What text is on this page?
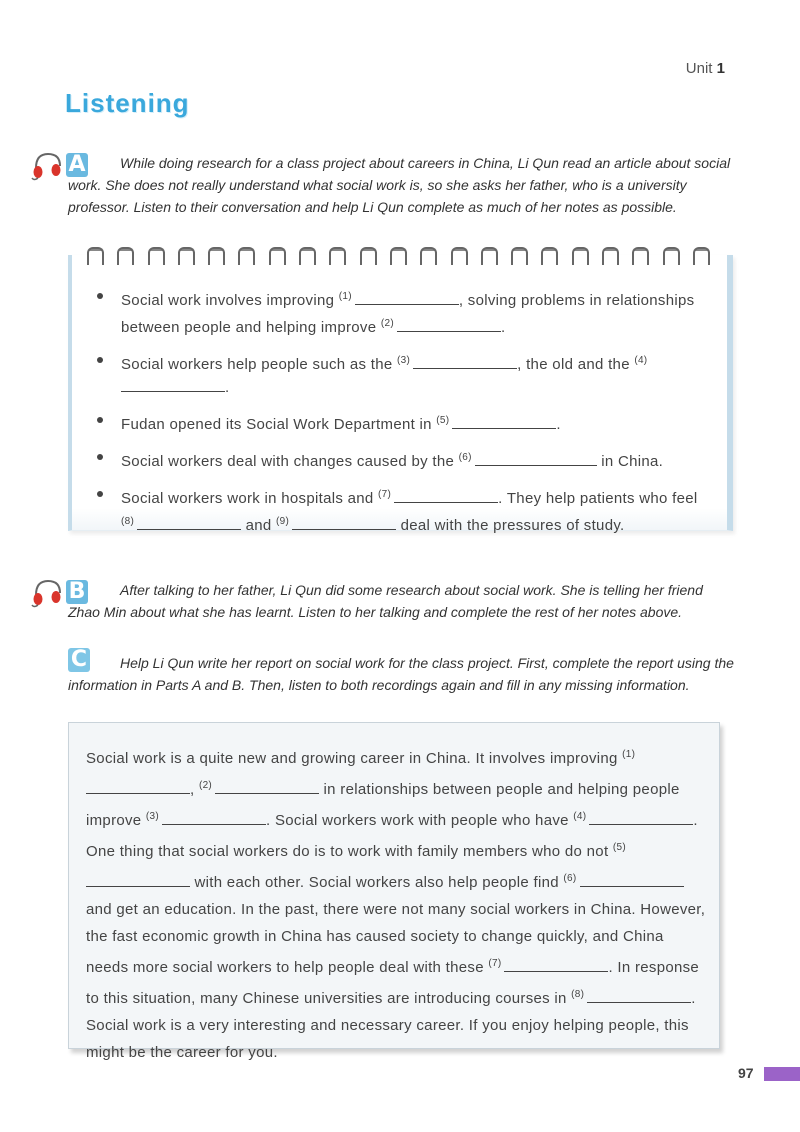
Unit 1
Listening
A	While doing research for a class project about careers in China, Li Qun read an article about social work. She does not really understand what social work is, so she asks her father, who is a university professor. Listen to their conversation and help Li Qun complete as much of her notes as possible.
Social work involves improving $^{(1)}$	, solving problems in relationships between people and helping improve $^{(2)}$	.
Social workers help people such as the $^{(3)}$	, the old and the $^{(4)}$.
Fudan opened its Social Work Department in $^{(5)}$	.
Social workers deal with changes caused by the $^{(6)}$	in China.
Social workers work in hospitals and $^{(7)}$	. They help patients who feel $^{(8)}$	and $^{(9)}$	deal with the pressures of study.
B	After talking to her father, Li Qun did some research about social work. She is telling her friend Zhao Min about what she has learnt. Listen to her talking and complete the rest of her notes above.
C	Help Li Qun write her report on social work for the class project. First, complete the report using the information in Parts A and B. Then, listen to both recordings again and fill in any missing information.

Social work is a quite new and growing career in China. It involves improving $^{(1)}$, $^{(2)}$	in relationships between people and helping people improve $^{(3)}$	. Social workers work with people who have $^{(4)}$	. One thing that social workers do is to work with family members who do not $^{(5)}$ with each other. Social workers also help people find $^{(6)}$ and get an education. In the past, there were not many social workers in China. However, the fast economic growth in China has caused society to change quickly, and China needs more social workers to help people deal with these $^{(7)}$	. In response to this situation, many Chinese universities are introducing courses in $^{(8)}$	. Social work is a very interesting and necessary career. If you enjoy helping people, this might be the career for you.

97
